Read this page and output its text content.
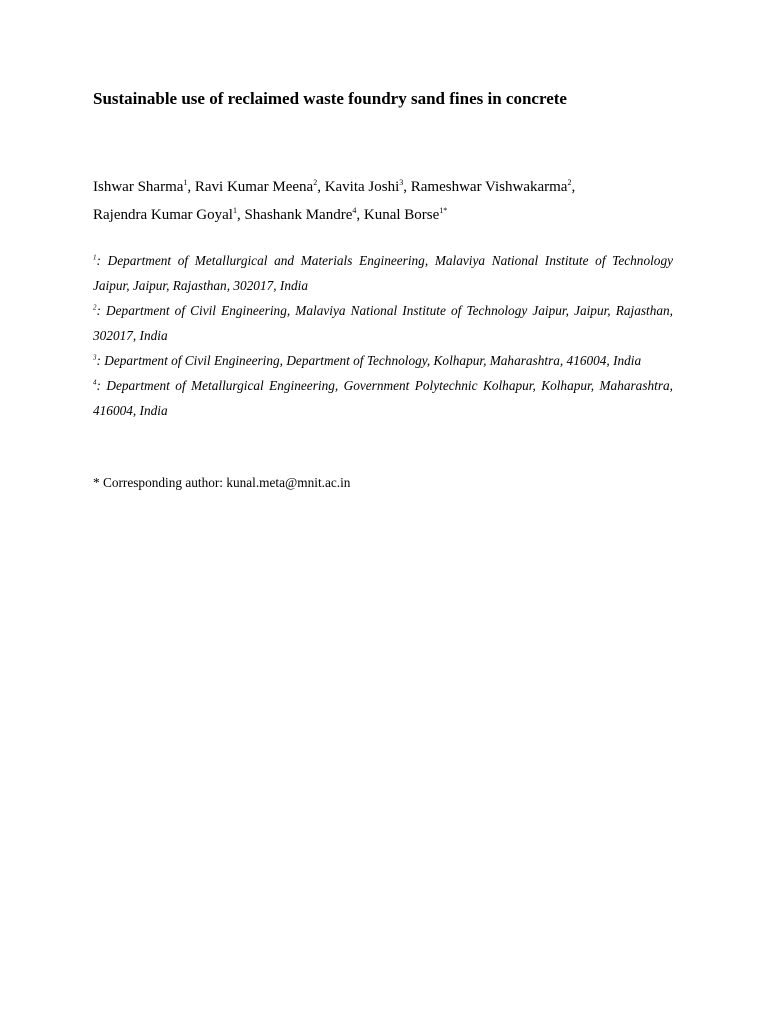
Sustainable use of reclaimed waste foundry sand fines in concrete
Ishwar Sharma$^1$, Ravi Kumar Meena$^2$, Kavita Joshi$^3$, Rameshwar Vishwakarma$^2$,
Rajendra Kumar Goyal$^1$, Shashank Mandre$^4$, Kunal Borse$^{1*}$

$^1$: Department of Metallurgical and Materials Engineering, Malaviya National Institute of Technology Jaipur, Jaipur, Rajasthan, 302017, India

$^2$: Department of Civil Engineering, Malaviya National Institute of Technology Jaipur, Jaipur, Rajasthan, 302017, India

$^3$: Department of Civil Engineering, Department of Technology, Kolhapur, Maharashtra, 416004, India

$^4$: Department of Metallurgical Engineering, Government Polytechnic Kolhapur, Kolhapur, Maharashtra, 416004, India

* Corresponding author: kunal.meta@mnit.ac.in
